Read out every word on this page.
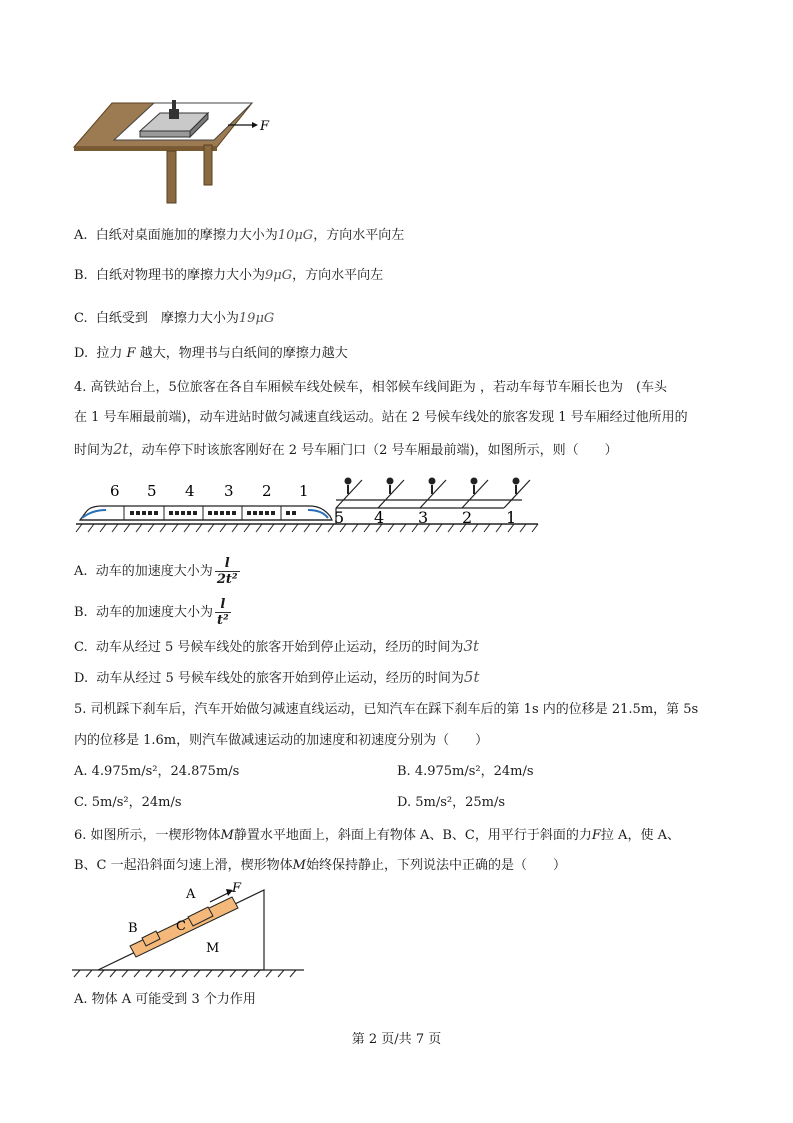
F
A. 白纸对桌面施加的摩擦力大小为10μG，方向水平向左
B. 白纸对物理书的摩擦力大小为9μG，方向水平向左
C. 白纸受到　摩擦力大小为19μG
D. 拉力 F 越大，物理书与白纸间的摩擦力越大
4. 高铁站台上，5位旅客在各自车厢候车线处候车，相邻候车线间距为 ，若动车每节车厢长也为　(车头
在 1 号车厢最前端)，动车进站时做匀减速直线运动。站在 2 号候车线处的旅客发现 1 号车厢经过他所用的
时间为2t，动车停下时该旅客刚好在 2 号车厢门口（2 号车厢最前端)，如图所示，则（　　）
6 5 4 3 2 1
5 4 3 2 1
A. 动车的加速度大小为 $\frac{l}{\text{2t²}}$
B. 动车的加速度大小为 $\frac{l}{\text{t²}}$
C. 动车从经过 5 号候车线处的旅客开始到停止运动，经历的时间为3t
D. 动车从经过 5 号候车线处的旅客开始到停止运动，经历的时间为5t
5. 司机踩下刹车后，汽车开始做匀减速直线运动，已知汽车在踩下刹车后的第 1s 内的位移是 21.5m，第 5s
内的位移是 1.6m，则汽车做减速运动的加速度和初速度分别为（　　）
A. 4.975m/s²，24.875m/s	B. 4.975m/s²，24m/s
C. 5m/s²，24m/s	D. 5m/s²，25m/s
6. 如图所示，一楔形物体M静置水平地面上，斜面上有物体 A、B、C，用平行于斜面的力F拉 A，使 A、
B、C 一起沿斜面匀速上滑，楔形物体M始终保持静止，下列说法中正确的是（　　）
A
B	C
M
F
A. 物体 A 可能受到 3 个力作用
第 2 页/共 7 页
